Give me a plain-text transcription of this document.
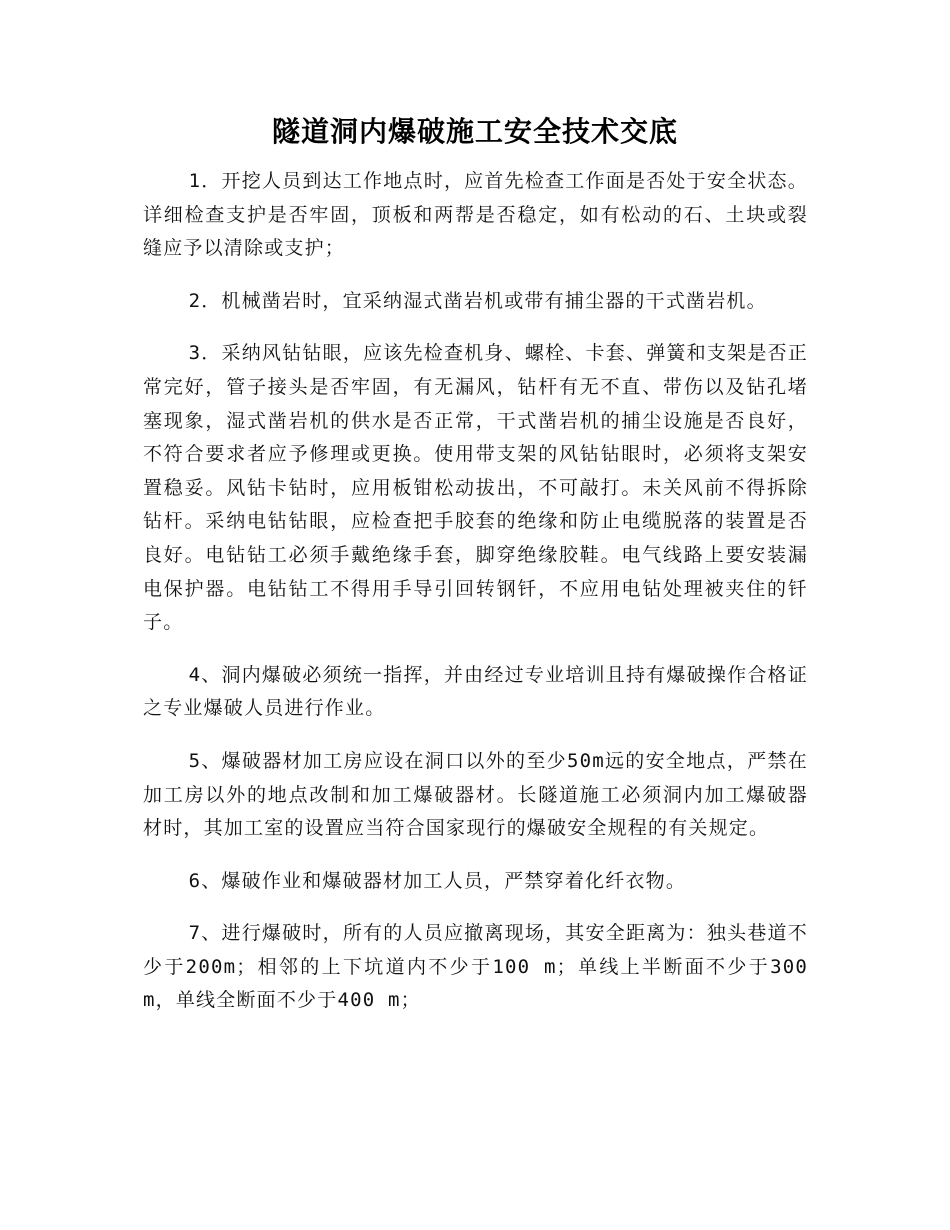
隧道洞内爆破施工安全技术交底

1．开挖人员到达工作地点时，应首先检查工作面是否处于安全状态。详细检查支护是否牢固，顶板和两帮是否稳定，如有松动的石、土块或裂缝应予以清除或支护；

2．机械凿岩时，宜采纳湿式凿岩机或带有捕尘器的干式凿岩机。

3．采纳风钻钻眼，应该先检查机身、螺栓、卡套、弹簧和支架是否正常完好，管子接头是否牢固，有无漏风，钻杆有无不直、带伤以及钻孔堵塞现象，湿式凿岩机的供水是否正常，干式凿岩机的捕尘设施是否良好，不符合要求者应予修理或更换。使用带支架的风钻钻眼时，必须将支架安置稳妥。风钻卡钻时，应用板钳松动拔出，不可敲打。未关风前不得拆除钻杆。采纳电钻钻眼，应检查把手胶套的绝缘和防止电缆脱落的装置是否良好。电钻钻工必须手戴绝缘手套，脚穿绝缘胶鞋。电气线路上要安装漏电保护器。电钻钻工不得用手导引回转钢钎，不应用电钻处理被夹住的钎子。

4、洞内爆破必须统一指挥，并由经过专业培训且持有爆破操作合格证之专业爆破人员进行作业。

5、爆破器材加工房应设在洞口以外的至少50m远的安全地点，严禁在加工房以外的地点改制和加工爆破器材。长隧道施工必须洞内加工爆破器材时，其加工室的设置应当符合国家现行的爆破安全规程的有关规定。

6、爆破作业和爆破器材加工人员，严禁穿着化纤衣物。

7、进行爆破时，所有的人员应撤离现场，其安全距离为：独头巷道不少于200m；相邻的上下坑道内不少于100 m；单线上半断面不少于300m，单线全断面不少于400 m；
